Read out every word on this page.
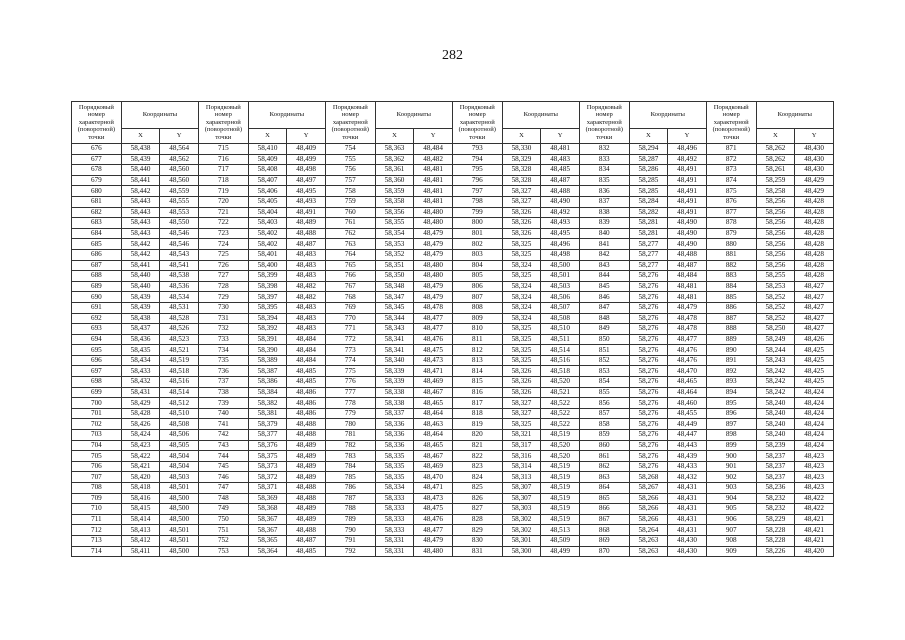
282
Порядковый номер характерной (поворотной) точки	Координаты		Порядковый номер характерной (поворотной) точки	Координаты		Порядковый номер характерной (поворотной) точки	Координаты		Порядковый номер характерной (поворотной) точки	Координаты		Порядковый номер характерной (поворотной) точки	Координаты		Порядковый номер характерной (поворотной) точки	Координаты	
	X	Y		X	Y		X	Y		X	Y		X	Y		X	Y
676	58,438	48,564	715	58,410	48,409	754	58,363	48,484	793	58,330	48,481	832	58,294	48,496	871	58,262	48,430
677	58,439	48,562	716	58,409	48,499	755	58,362	48,482	794	58,329	48,483	833	58,287	48,492	872	58,262	48,430
678	58,440	48,560	717	58,408	48,498	756	58,361	48,481	795	58,328	48,485	834	58,286	48,491	873	58,261	48,430
679	58,441	48,560	718	58,407	48,497	757	58,360	48,481	796	58,328	48,487	835	58,285	48,491	874	58,259	48,429
680	58,442	48,559	719	58,406	48,495	758	58,359	48,481	797	58,327	48,488	836	58,285	48,491	875	58,258	48,429
681	58,443	48,555	720	58,405	48,493	759	58,358	48,481	798	58,327	48,490	837	58,284	48,491	876	58,256	48,428
682	58,443	48,553	721	58,404	48,491	760	58,356	48,480	799	58,326	48,492	838	58,282	48,491	877	58,256	48,428
683	58,443	48,550	722	58,403	48,489	761	58,355	48,480	800	58,326	48,493	839	58,281	48,490	878	58,256	48,428
684	58,443	48,546	723	58,402	48,488	762	58,354	48,479	801	58,326	48,495	840	58,281	48,490	879	58,256	48,428
685	58,442	48,546	724	58,402	48,487	763	58,353	48,479	802	58,325	48,496	841	58,277	48,490	880	58,256	48,428
686	58,442	48,543	725	58,401	48,483	764	58,352	48,479	803	58,325	48,498	842	58,277	48,488	881	58,256	48,428
687	58,441	48,541	726	58,400	48,483	765	58,351	48,480	804	58,324	48,500	843	58,277	48,487	882	58,256	48,428
688	58,440	48,538	727	58,399	48,483	766	58,350	48,480	805	58,325	48,501	844	58,276	48,484	883	58,255	48,428
689	58,440	48,536	728	58,398	48,482	767	58,348	48,479	806	58,324	48,503	845	58,276	48,481	884	58,253	48,427
690	58,439	48,534	729	58,397	48,482	768	58,347	48,479	807	58,324	48,506	846	58,276	48,481	885	58,252	48,427
691	58,439	48,531	730	58,395	48,483	769	58,345	48,478	808	58,324	48,507	847	58,276	48,479	886	58,252	48,427
692	58,438	48,528	731	58,394	48,483	770	58,344	48,477	809	58,324	48,508	848	58,276	48,478	887	58,252	48,427
693	58,437	48,526	732	58,392	48,483	771	58,343	48,477	810	58,325	48,510	849	58,276	48,478	888	58,250	48,427
694	58,436	48,523	733	58,391	48,484	772	58,341	48,476	811	58,325	48,511	850	58,276	48,477	889	58,249	48,426
695	58,435	48,521	734	58,390	48,484	773	58,341	48,475	812	58,325	48,514	851	58,276	48,476	890	58,244	48,425
696	58,434	48,519	735	58,389	48,484	774	58,340	48,473	813	58,325	48,516	852	58,276	48,476	891	58,243	48,425
697	58,433	48,518	736	58,387	48,485	775	58,339	48,471	814	58,326	48,518	853	58,276	48,470	892	58,242	48,425
698	58,432	48,516	737	58,386	48,485	776	58,339	48,469	815	58,326	48,520	854	58,276	48,465	893	58,242	48,425
699	58,431	48,514	738	58,384	48,486	777	58,338	48,467	816	58,326	48,521	855	58,276	48,464	894	58,242	48,424
700	58,429	48,512	739	58,382	48,486	778	58,338	48,465	817	58,327	48,522	856	58,276	48,460	895	58,240	48,424
701	58,428	48,510	740	58,381	48,486	779	58,337	48,464	818	58,327	48,522	857	58,276	48,455	896	58,240	48,424
702	58,426	48,508	741	58,379	48,488	780	58,336	48,463	819	58,325	48,522	858	58,276	48,449	897	58,240	48,424
703	58,424	48,506	742	58,377	48,488	781	58,336	48,464	820	58,321	48,519	859	58,276	48,447	898	58,240	48,424
704	58,423	48,505	743	58,376	48,489	782	58,336	48,465	821	58,317	48,520	860	58,276	48,443	899	58,239	48,424
705	58,422	48,504	744	58,375	48,489	783	58,335	48,467	822	58,316	48,520	861	58,276	48,439	900	58,237	48,423
706	58,421	48,504	745	58,373	48,489	784	58,335	48,469	823	58,314	48,519	862	58,276	48,433	901	58,237	48,423
707	58,420	48,503	746	58,372	48,489	785	58,335	48,470	824	58,313	48,519	863	58,268	48,432	902	58,237	48,423
708	58,418	48,501	747	58,371	48,488	786	58,334	48,471	825	58,307	48,519	864	58,267	48,431	903	58,236	48,423
709	58,416	48,500	748	58,369	48,488	787	58,333	48,473	826	58,307	48,519	865	58,266	48,431	904	58,232	48,422
710	58,415	48,500	749	58,368	48,489	788	58,333	48,475	827	58,303	48,519	866	58,266	48,431	905	58,232	48,422
711	58,414	48,500	750	58,367	48,489	789	58,333	48,476	828	58,302	48,519	867	58,266	48,431	906	58,229	48,421
712	58,413	48,501	751	58,367	48,488	790	58,333	48,477	829	58,302	48,513	868	58,264	48,431	907	58,228	48,421
713	58,412	48,501	752	58,365	48,487	791	58,331	48,479	830	58,301	48,509	869	58,263	48,430	908	58,228	48,421
714	58,411	48,500	753	58,364	48,485	792	58,331	48,480	831	58,300	48,499	870	58,263	48,430	909	58,226	48,420
